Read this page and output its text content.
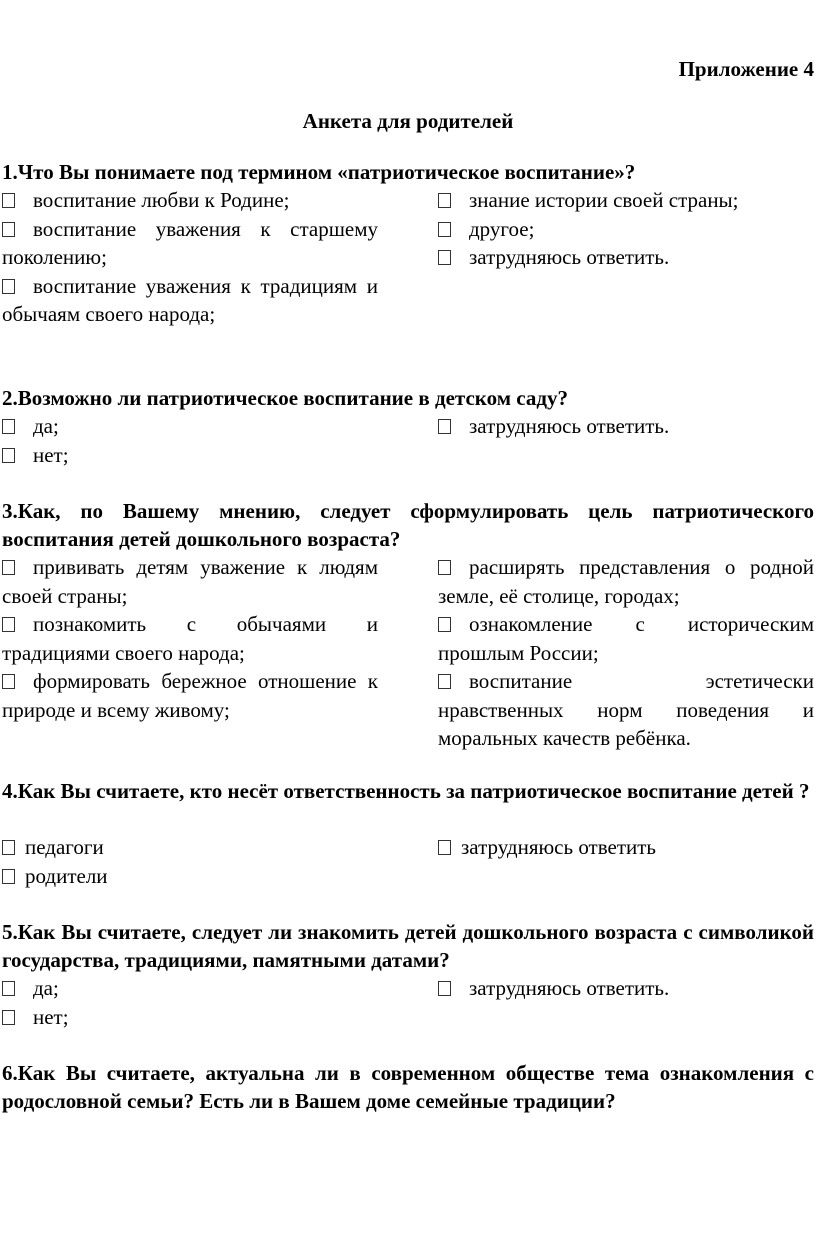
Приложение 4
Анкета для родителей
1.Что Вы понимаете под термином «патриотическое воспитание»?

воспитание любви к Родине;

воспитание уважения к старшему поколению;

воспитание уважения к традициям и обычаям своего народа;

знание истории своей страны;

другое;

затрудняюсь ответить.

2.Возможно ли патриотическое воспитание в детском саду?

да;

нет;

затрудняюсь ответить.

3.Как, по Вашему мнению, следует сформулировать цель патриотического воспитания детей дошкольного возраста?

прививать детям уважение к людям своей страны;

познакомить с обычаями и традициями своего народа;

формировать бережное отношение к природе и всему живому;

расширять представления о родной земле, её столице, городах;

ознакомление с историческим прошлым России;

воспитание эстетически нравственных норм поведения и моральных качеств ребёнка.

4.Как Вы считаете, кто несёт ответственность за патриотическое воспитание детей ?

педагоги

родители

затрудняюсь ответить

5.Как Вы считаете, следует ли знакомить детей дошкольного возраста с символикой государства, традициями, памятными датами?

да;

нет;

затрудняюсь ответить.

6.Как Вы считаете, актуальна ли в современном обществе тема ознакомления с родословной семьи? Есть ли в Вашем доме семейные традиции?
